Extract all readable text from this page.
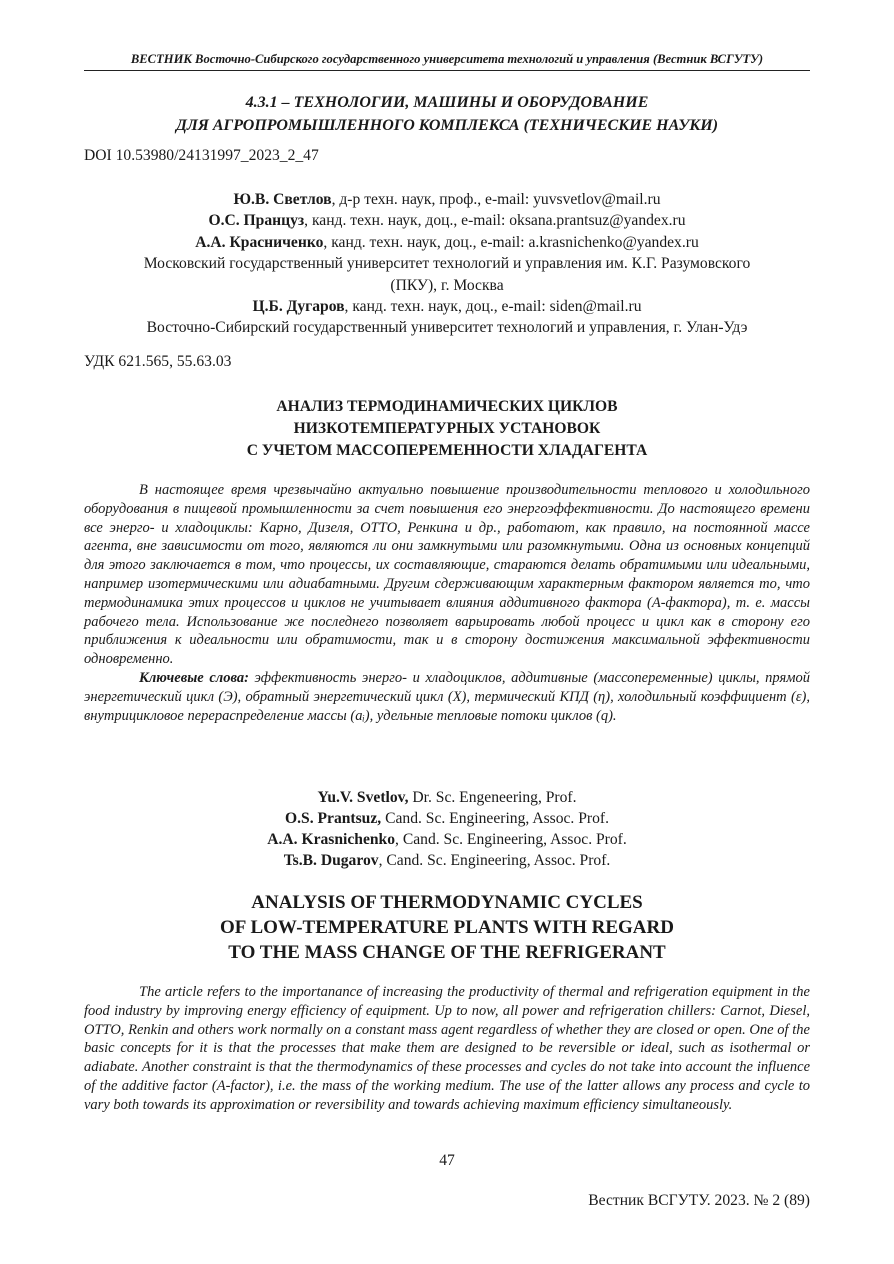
ВЕСТНИК Восточно-Сибирского государственного университета технологий и управления (Вестник ВСГУТУ)
4.3.1 – ТЕХНОЛОГИИ, МАШИНЫ И ОБОРУДОВАНИЕ
ДЛЯ АГРОПРОМЫШЛЕННОГО КОМПЛЕКСА (ТЕХНИЧЕСКИЕ НАУКИ)
DOI 10.53980/24131997_2023_2_47
Ю.В. Светлов, д-р техн. наук, проф., e-mail: yuvsvetlov@mail.ru
О.С. Пранцуз, канд. техн. наук, доц., e-mail: oksana.prantsuz@yandex.ru
А.А. Красниченко, канд. техн. наук, доц., e-mail: a.krasnichenko@yandex.ru
Московский государственный университет технологий и управления им. К.Г. Разумовского
(ПКУ), г. Москва
Ц.Б. Дугаров, канд. техн. наук, доц., e-mail: siden@mail.ru
Восточно-Сибирский государственный университет технологий и управления, г. Улан-Удэ
УДК 621.565, 55.63.03
АНАЛИЗ ТЕРМОДИНАМИЧЕСКИХ ЦИКЛОВ
НИЗКОТЕМПЕРАТУРНЫХ УСТАНОВОК
С УЧЕТОМ МАССОПЕРЕМЕННОСТИ ХЛАДАГЕНТА

В настоящее время чрезвычайно актуально повышение производительности теплового и холодильного оборудования в пищевой промышленности за счет повышения его энергоэффективности. До настоящего времени все энерго- и хладоциклы: Карно, Дизеля, ОТТО, Ренкина и др., работают, как правило, на постоянной массе агента, вне зависимости от того, являются ли они замкнутыми или разомкнутыми. Одна из основных концепций для этого заключается в том, что процессы, их составляющие, стараются делать обратимыми или идеальными, например изотермическими или адиабатными. Другим сдерживающим характерным фактором является то, что термодинамика этих процессов и циклов не учитывает влияния аддитивного фактора (А-фактора), т. е. массы рабочего тела. Использование же последнего позволяет варьировать любой процесс и цикл как в сторону его приближения к идеальности или обратимости, так и в сторону достижения максимальной эффективности одновременно.

Ключевые слова: эффективность энерго- и хладоциклов, аддитивные (массопеременные) циклы, прямой энергетический цикл (Э), обратный энергетический цикл (Х), термический КПД (η), холодильный коэффициент (ε), внутрициклoвое перераспределение массы (аᵢ), удельные тепловые потоки циклов (q).

Yu.V. Svetlov, Dr. Sc. Engeneering, Prof.
O.S. Prantsuz, Cand. Sc. Engineering, Assoc. Prof.
A.A. Krasnichenko, Cand. Sc. Engineering, Assoc. Prof.
Ts.B. Dugarov, Cand. Sc. Engineering, Assoc. Prof.
ANALYSIS OF THERMODYNAMIC CYCLES
OF LOW-TEMPERATURE PLANTS WITH REGARD
TO THE MASS CHANGE OF THE REFRIGERANT

The article refers to the importanance of increasing the productivity of thermal and refrigeration equipment in the food industry by improving energy efficiency of equipment. Up to now, all power and refrigeration chillers: Carnot, Diesel, OTTO, Renkin and others work normally on a constant mass agent regardless of whether they are closed or open. One of the basic concepts for it is that the processes that make them are designed to be reversible or ideal, such as isothermal or adiabate. Another constraint is that the thermodynamics of these processes and cycles do not take into account the influence of the additive factor (A-factor), i.e. the mass of the working medium. The use of the latter allows any process and cycle to vary both towards its approximation or reversibility and towards achieving maximum efficiency simultaneously.

47
Вестник ВСГУТУ. 2023. № 2 (89)
